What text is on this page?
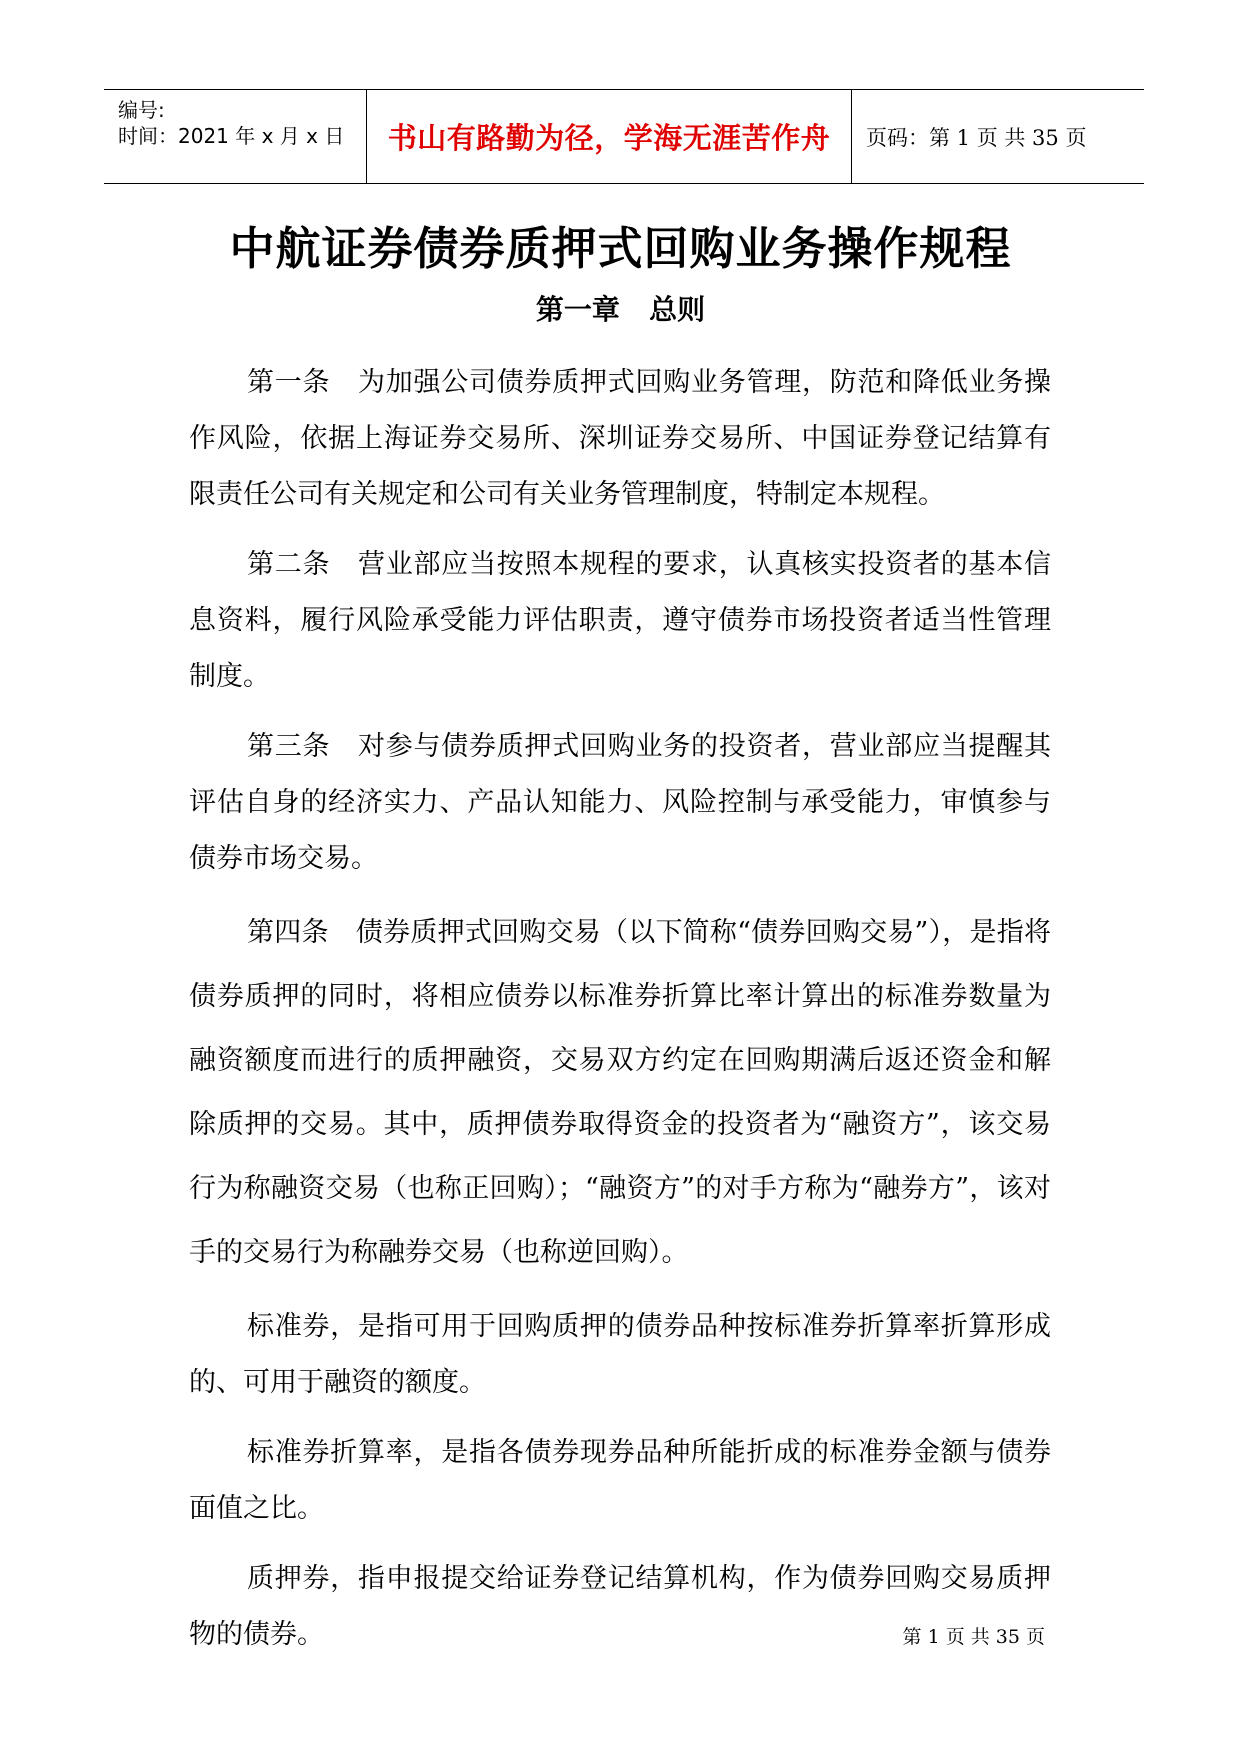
编号:
时间：2021 年 x 月 x 日 书山有路勤为径，学海无涯苦作舟	页码：第 1 页 共 35 页
中航证券债券质押式回购业务操作规程
第一章   总则

第一条　为加强公司债券质押式回购业务管理，防范和降低业务操作风险，依据上海证券交易所、深圳证券交易所、中国证券登记结算有限责任公司有关规定和公司有关业务管理制度，特制定本规程。

第二条　营业部应当按照本规程的要求，认真核实投资者的基本信息资料，履行风险承受能力评估职责，遵守债券市场投资者适当性管理制度。

第三条　对参与债券质押式回购业务的投资者，营业部应当提醒其评估自身的经济实力、产品认知能力、风险控制与承受能力，审慎参与债券市场交易。

第四条　债券质押式回购交易（以下简称“债券回购交易”），是指将债券质押的同时，将相应债券以标准券折算比率计算出的标准券数量为融资额度而进行的质押融资，交易双方约定在回购期满后返还资金和解除质押的交易。其中，质押债券取得资金的投资者为“融资方”，该交易行为称融资交易（也称正回购）；“融资方”的对手方称为“融券方”，该对手的交易行为称融券交易（也称逆回购）。

标准券，是指可用于回购质押的债券品种按标准券折算率折算形成的、可用于融资的额度。

标准券折算率，是指各债券现券品种所能折成的标准券金额与债券面值之比。

质押券，指申报提交给证券登记结算机构，作为债券回购交易质押物的债券。	第 1 页 共 35 页
